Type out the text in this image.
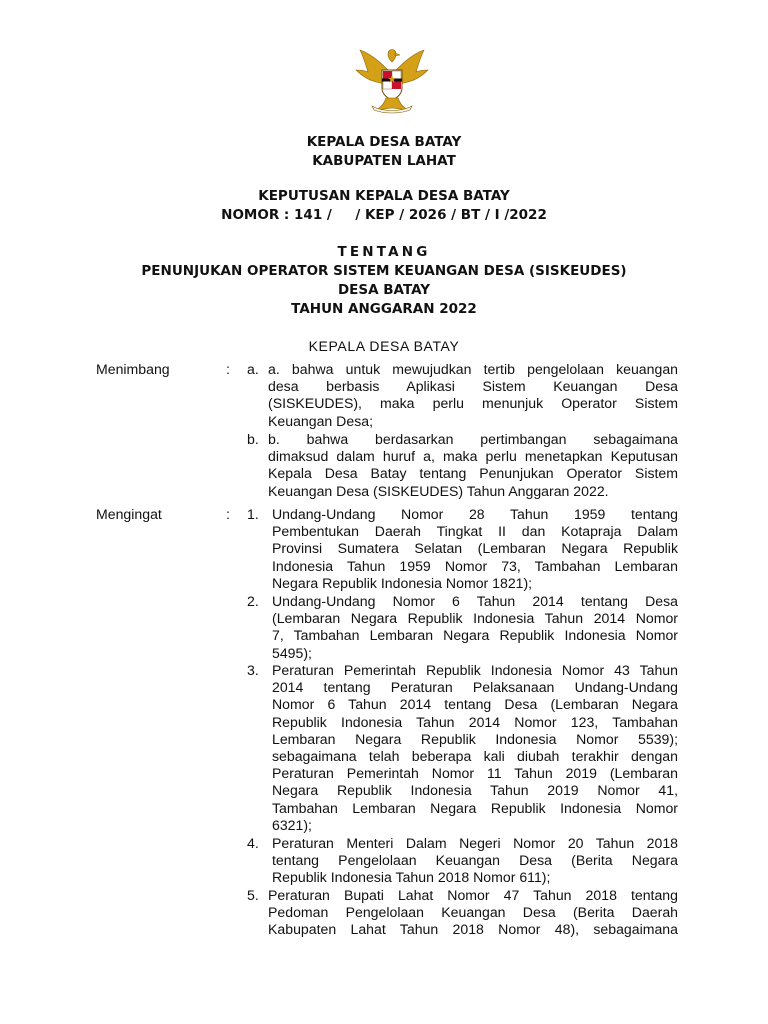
KEPALA DESA BATAY
KABUPATEN LAHAT
KEPUTUSAN KEPALA DESA BATAY
NOMOR : 141 /     / KEP / 2026 / BT / I /2022
TENTANG
PENUNJUKAN OPERATOR SISTEM KEUANGAN DESA (SISKEUDES)
DESA BATAY
TAHUN ANGGARAN 2022
KEPALA DESA BATAY
Menimbang	: a. a. bahwa untuk mewujudkan tertib pengelolaan keuangan
desa berbasis Aplikasi Sistem Keuangan Desa
(SISKEUDES), maka perlu menunjuk Operator Sistem
Keuangan Desa;
b. b. bahwa berdasarkan pertimbangan sebagaimana
dimaksud dalam huruf a, maka perlu menetapkan Keputusan
Kepala Desa Batay tentang Penunjukan Operator Sistem
Keuangan Desa (SISKEUDES) Tahun Anggaran 2022.
Mengingat	: 1. Undang-Undang Nomor 28 Tahun 1959 tentang
Pembentukan Daerah Tingkat II dan Kotapraja Dalam
Provinsi Sumatera Selatan (Lembaran Negara Republik
Indonesia Tahun 1959 Nomor 73, Tambahan Lembaran
Negara Republik Indonesia Nomor 1821);
2. Undang-Undang Nomor 6 Tahun 2014 tentang Desa
(Lembaran Negara Republik Indonesia Tahun 2014 Nomor
7, Tambahan Lembaran Negara Republik Indonesia Nomor
5495);
3. Peraturan Pemerintah Republik Indonesia Nomor 43 Tahun
2014 tentang Peraturan Pelaksanaan Undang-Undang
Nomor 6 Tahun 2014 tentang Desa (Lembaran Negara
Republik Indonesia Tahun 2014 Nomor 123, Tambahan
Lembaran Negara Republik Indonesia Nomor 5539);
sebagaimana telah beberapa kali diubah terakhir dengan
Peraturan Pemerintah Nomor 11 Tahun 2019 (Lembaran
Negara Republik Indonesia Tahun 2019 Nomor 41,
Tambahan Lembaran Negara Republik Indonesia Nomor
6321);
4. Peraturan Menteri Dalam Negeri Nomor 20 Tahun 2018
tentang Pengelolaan Keuangan Desa (Berita Negara
Republik Indonesia Tahun 2018 Nomor 611);
5. Peraturan Bupati Lahat Nomor 47 Tahun 2018 tentang
Pedoman Pengelolaan Keuangan Desa (Berita Daerah
Kabupaten Lahat Tahun 2018 Nomor 48), sebagaimana
